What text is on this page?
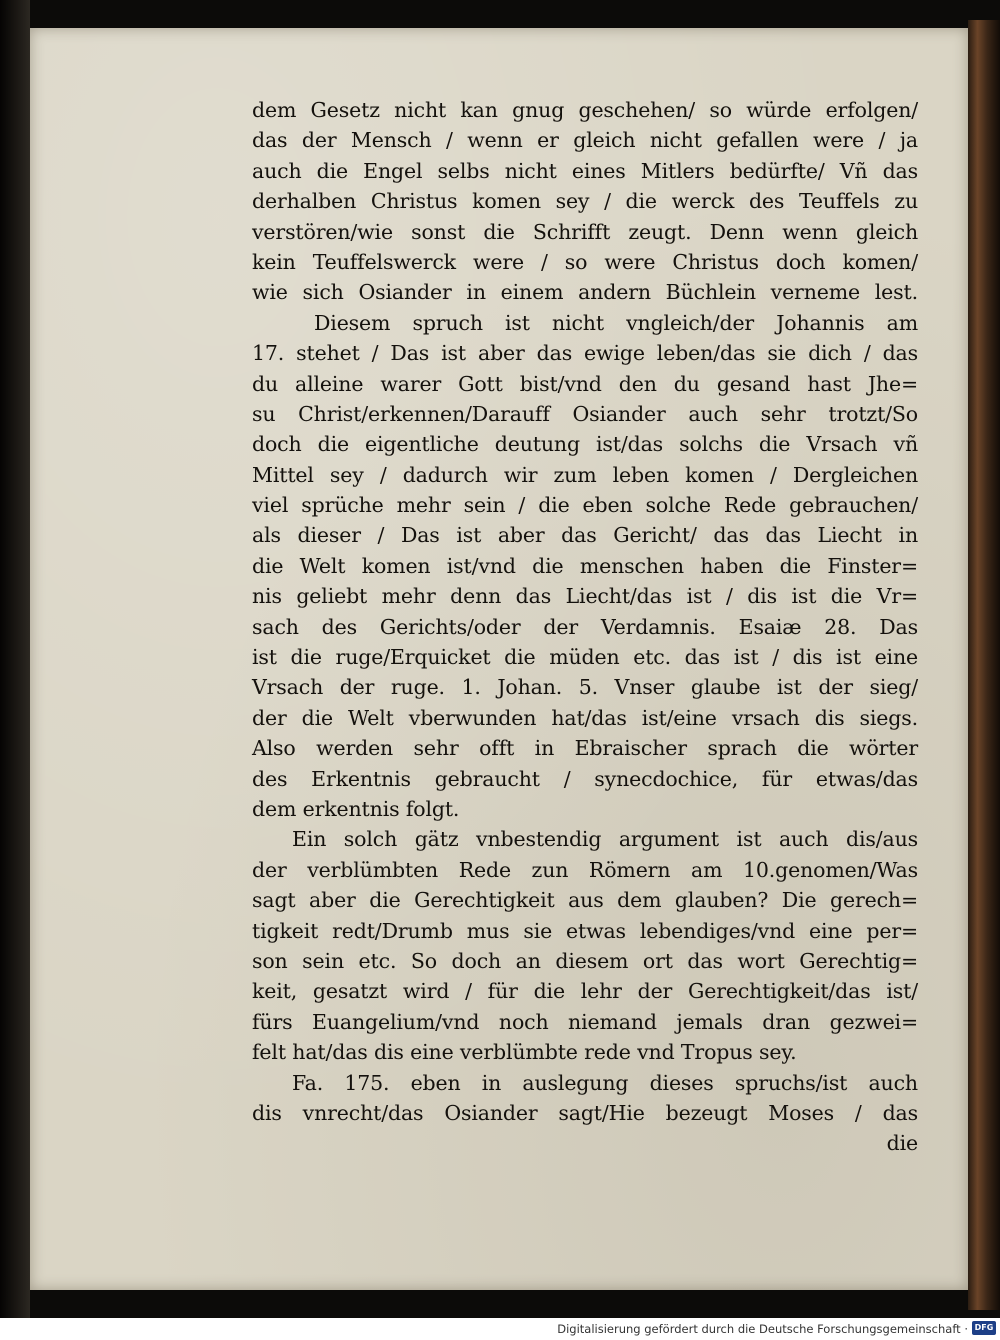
dem Gesetz nicht kan gnug geschehen/ so würde erfolgen/
das der Mensch / wenn er gleich nicht gefallen were / ja
auch die Engel selbs nicht eines Mitlers bedürfte/ Vñ das
derhalben Christus komen sey / die werck des Teuffels zu
verstören/wie sonst die Schrifft zeugt. Denn wenn gleich
kein Teuffelswerck were / so were Christus doch komen/
wie sich Osiander in einem andern Büchlein verneme lest.
Diesem spruch ist nicht vngleich/der Johannis am
17. stehet / Das ist aber das ewige leben/das sie dich / das
du alleine warer Gott bist/vnd den du gesand hast Jhe=
su Christ/erkennen/Darauff Osiander auch sehr trotzt/So
doch die eigentliche deutung ist/das solchs die Vrsach vñ
Mittel sey / dadurch wir zum leben komen / Dergleichen
viel sprüche mehr sein / die eben solche Rede gebrauchen/
als dieser / Das ist aber das Gericht/ das das Liecht in
die Welt komen ist/vnd die menschen haben die Finster=
nis geliebt mehr denn das Liecht/das ist / dis ist die Vr=
sach des Gerichts/oder der Verdamnis. Esaiæ 28. Das
ist die ruge/Erquicket die müden etc. das ist / dis ist eine
Vrsach der ruge. 1. Johan. 5. Vnser glaube ist der sieg/
der die Welt vberwunden hat/das ist/eine vrsach dis siegs.
Also werden sehr offt in Ebraischer sprach die wörter
des Erkentnis gebraucht / synecdochice, für etwas/das
dem erkentnis folgt.
Ein solch gätz vnbestendig argument ist auch dis/aus
der verblümbten Rede zun Römern am 10.genomen/Was
sagt aber die Gerechtigkeit aus dem glauben? Die gerech=
tigkeit redt/Drumb mus sie etwas lebendiges/vnd eine per=
son sein etc. So doch an diesem ort das wort Gerechtig=
keit, gesatzt wird / für die lehr der Gerechtigkeit/das ist/
fürs Euangelium/vnd noch niemand jemals dran gezwei=
felt hat/das dis eine verblümbte rede vnd Tropus sey.
Fa. 175. eben in auslegung dieses spruchs/ist auch
dis vnrecht/das Osiander sagt/Hie bezeugt Moses / das
die
Digitalisierung gefördert durch die Deutsche Forschungsgemeinschaft · DFG
